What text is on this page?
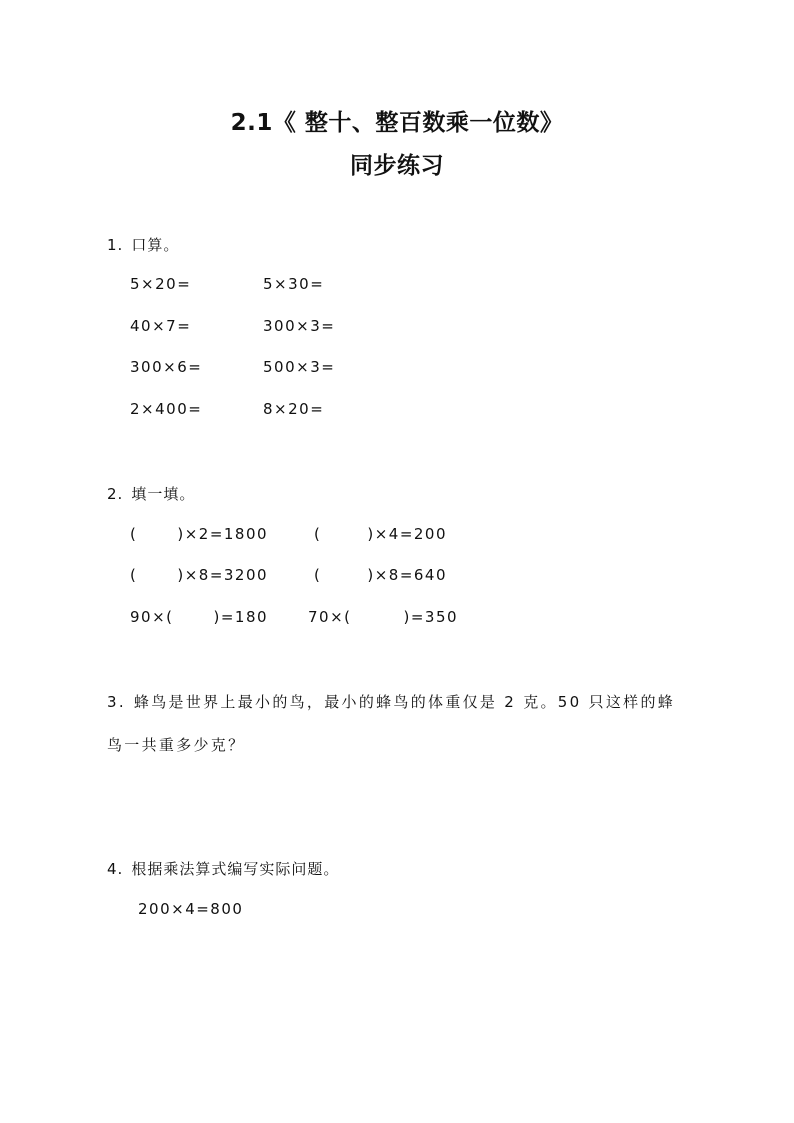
2.1《 整十、整百数乘一位数》
同步练习
1. 口算。
5×20=	5×30=
40×7=	300×3=
300×6=	500×3=
2×400=	8×20=
2. 填一填。
(	)×2=1800	(	)×4=200
(	)×8=3200	(	)×8=640
90×(	)=180	70×(	)=350
3. 蜂鸟是世界上最小的鸟，最小的蜂鸟的体重仅是 2 克。50 只这样的蜂
鸟一共重多少克？
4. 根据乘法算式编写实际问题。
200×4=800
